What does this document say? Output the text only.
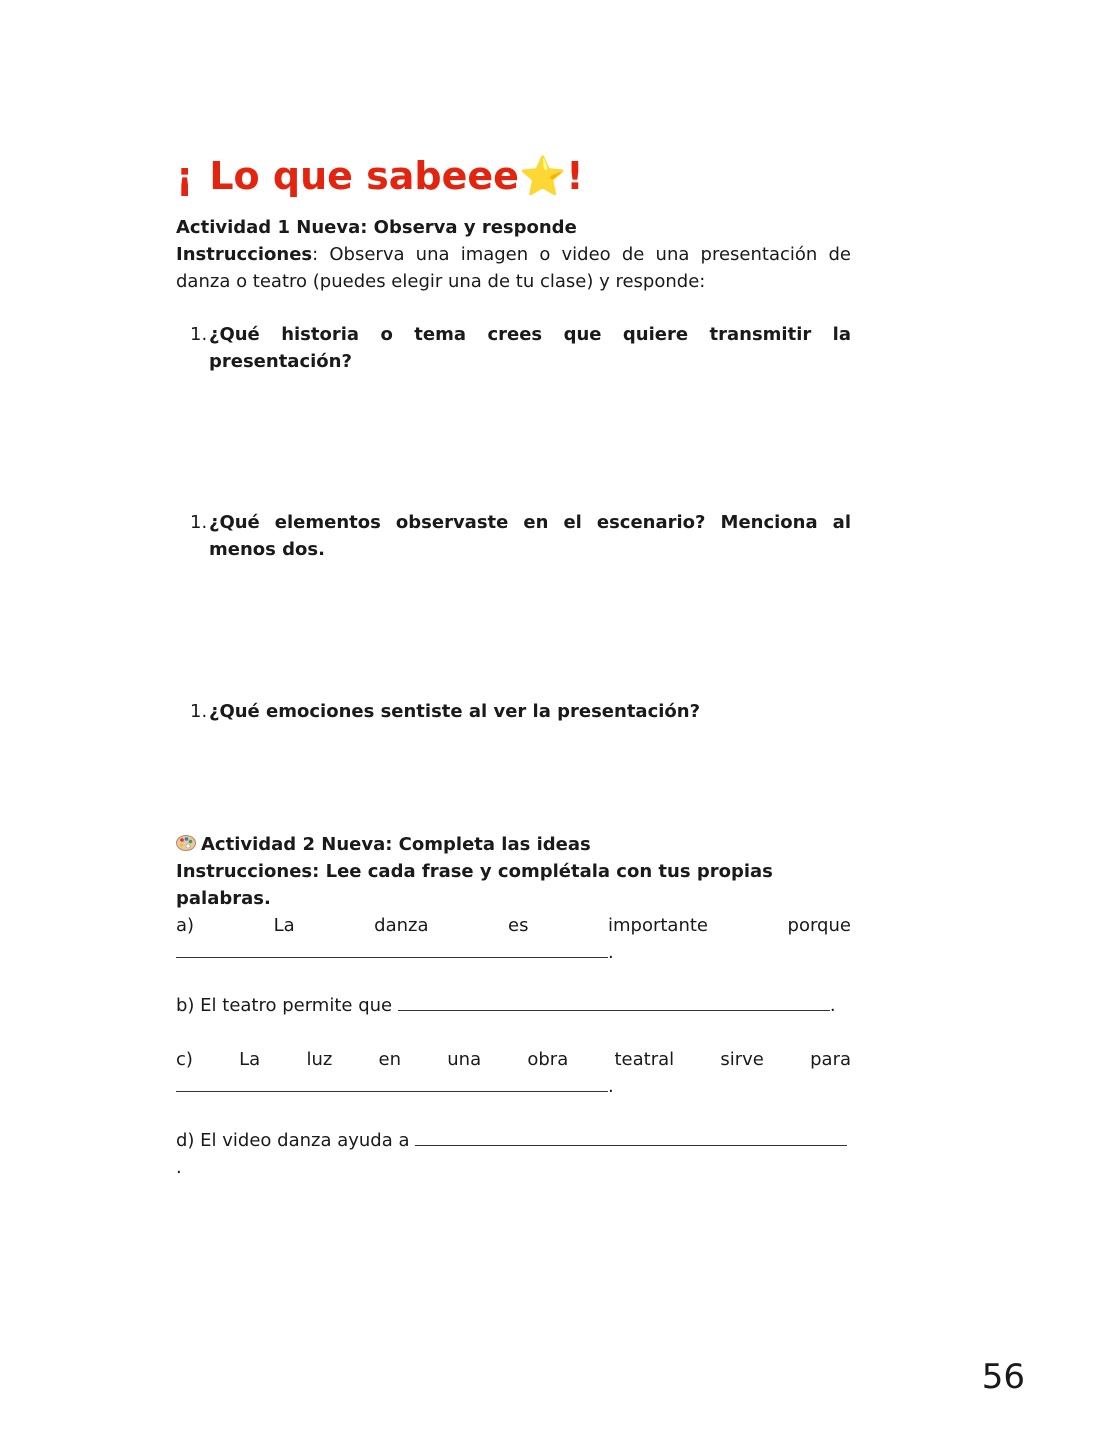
¡ Lo que sabeee⭐!
Actividad 1 Nueva: Observa y responde
Instrucciones: Observa una imagen o video de una presentación de danza o teatro (puedes elegir una de tu clase) y responde:
1. ¿Qué historia o tema crees que quiere transmitir la presentación?
1. ¿Qué elementos observaste en el escenario? Menciona al menos dos.
1. ¿Qué emociones sentiste al ver la presentación?
Actividad 2 Nueva: Completa las ideas
Instrucciones: Lee cada frase y complétala con tus propias palabras.
a)	La	danza	es	importante	porque
.
b) El teatro permite que	.
c)	La	luz	en	una	obra	teatral	sirve	para
.
d) El video danza ayuda a .
56
